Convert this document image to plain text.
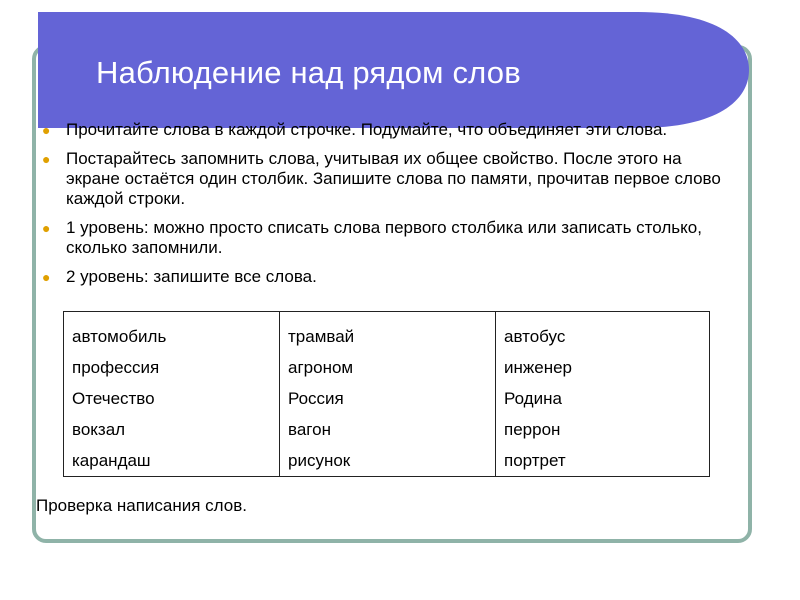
Наблюдение над рядом слов
● Прочитайте слова в каждой строчке. Подумайте, что объединяет эти слова.
● Постарайтесь запомнить слова, учитывая их общее свойство. После этого на экране остаётся один столбик. Запишите слова по памяти, прочитав первое слово каждой строки.
● 1 уровень: можно просто списать слова первого столбика или записать столько, сколько запомнили.
● 2 уровень: запишите все слова.
автомобиль
профессия
Отечество
вокзал
карандаш
трамвай
агроном
Россия
вагон
рисунок
автобус
инженер
Родина
перрон
портрет
Проверка написания слов.
